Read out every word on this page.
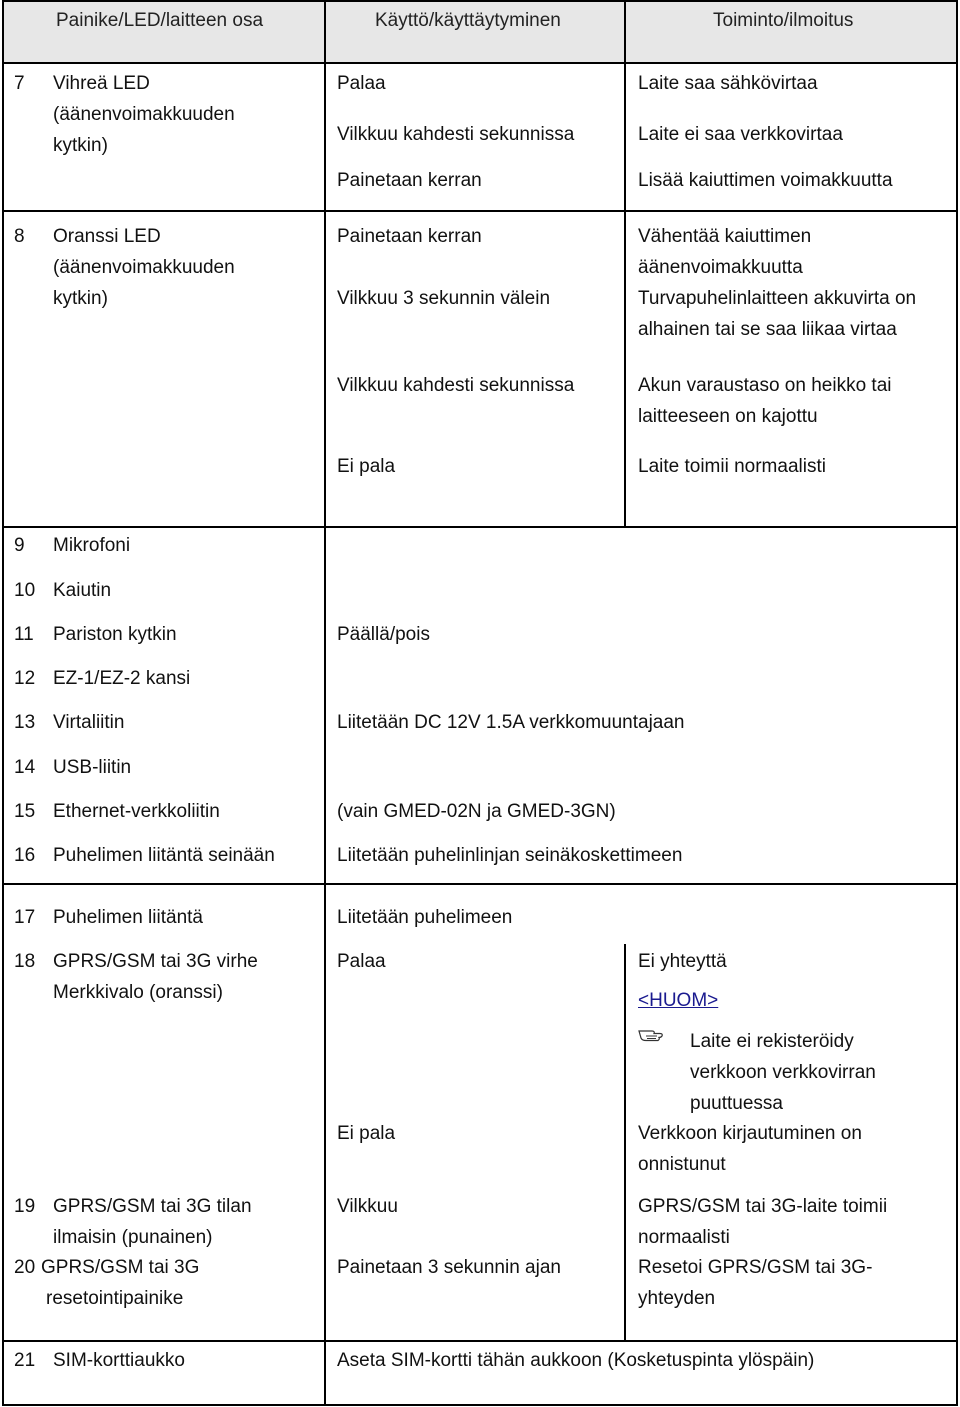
Painike/LED/laitteen osa	Käyttö/käyttäytyminen	Toiminto/ilmoitus
7 Vihreä LED
(äänenvoimakkuuden
kytkin)
Palaa	Laite saa sähkövirtaa
Vilkkuu kahdesti sekunnissa	Laite ei saa verkkovirtaa
Painetaan kerran	Lisää kaiuttimen voimakkuutta
8 Oranssi LED
(äänenvoimakkuuden
kytkin)
Painetaan kerran	Vähentää kaiuttimen
äänenvoimakkuutta
Vilkkuu 3 sekunnin välein	Turvapuhelinlaitteen akkuvirta on
alhainen tai se saa liikaa virtaa
Vilkkuu kahdesti sekunnissa	Akun varaustaso on heikko tai
laitteeseen on kajottu
Ei pala	Laite toimii normaalisti
9 Mikrofoni
10 Kaiutin
11 Pariston kytkin	Päällä/pois
12 EZ-1/EZ-2 kansi
13 Virtaliitin	Liitetään DC 12V 1.5A verkkomuuntajaan
14 USB-liitin
15 Ethernet-verkkoliitin	(vain GMED-02N ja GMED-3GN)
16 Puhelimen liitäntä seinään	Liitetään puhelinlinjan seinäkoskettimeen
17 Puhelimen liitäntä	Liitetään puhelimeen
18 GPRS/GSM tai 3G virhe
Merkkivalo (oranssi)
Palaa	Ei yhteyttä
<HUOM>
Laite ei rekisteröidy
verkkoon verkkovirran
puuttuessa
Ei pala	Verkkoon kirjautuminen on
onnistunut
19 GPRS/GSM tai 3G tilan
ilmaisin (punainen)
Vilkkuu	GPRS/GSM tai 3G-laite toimii
normaalisti
20 GPRS/GSM tai 3G
resetointipainike
Painetaan 3 sekunnin ajan	Resetoi GPRS/GSM tai 3G-
yhteyden
21 SIM-korttiaukko	Aseta SIM-kortti tähän aukkoon (Kosketuspinta ylöspäin)
